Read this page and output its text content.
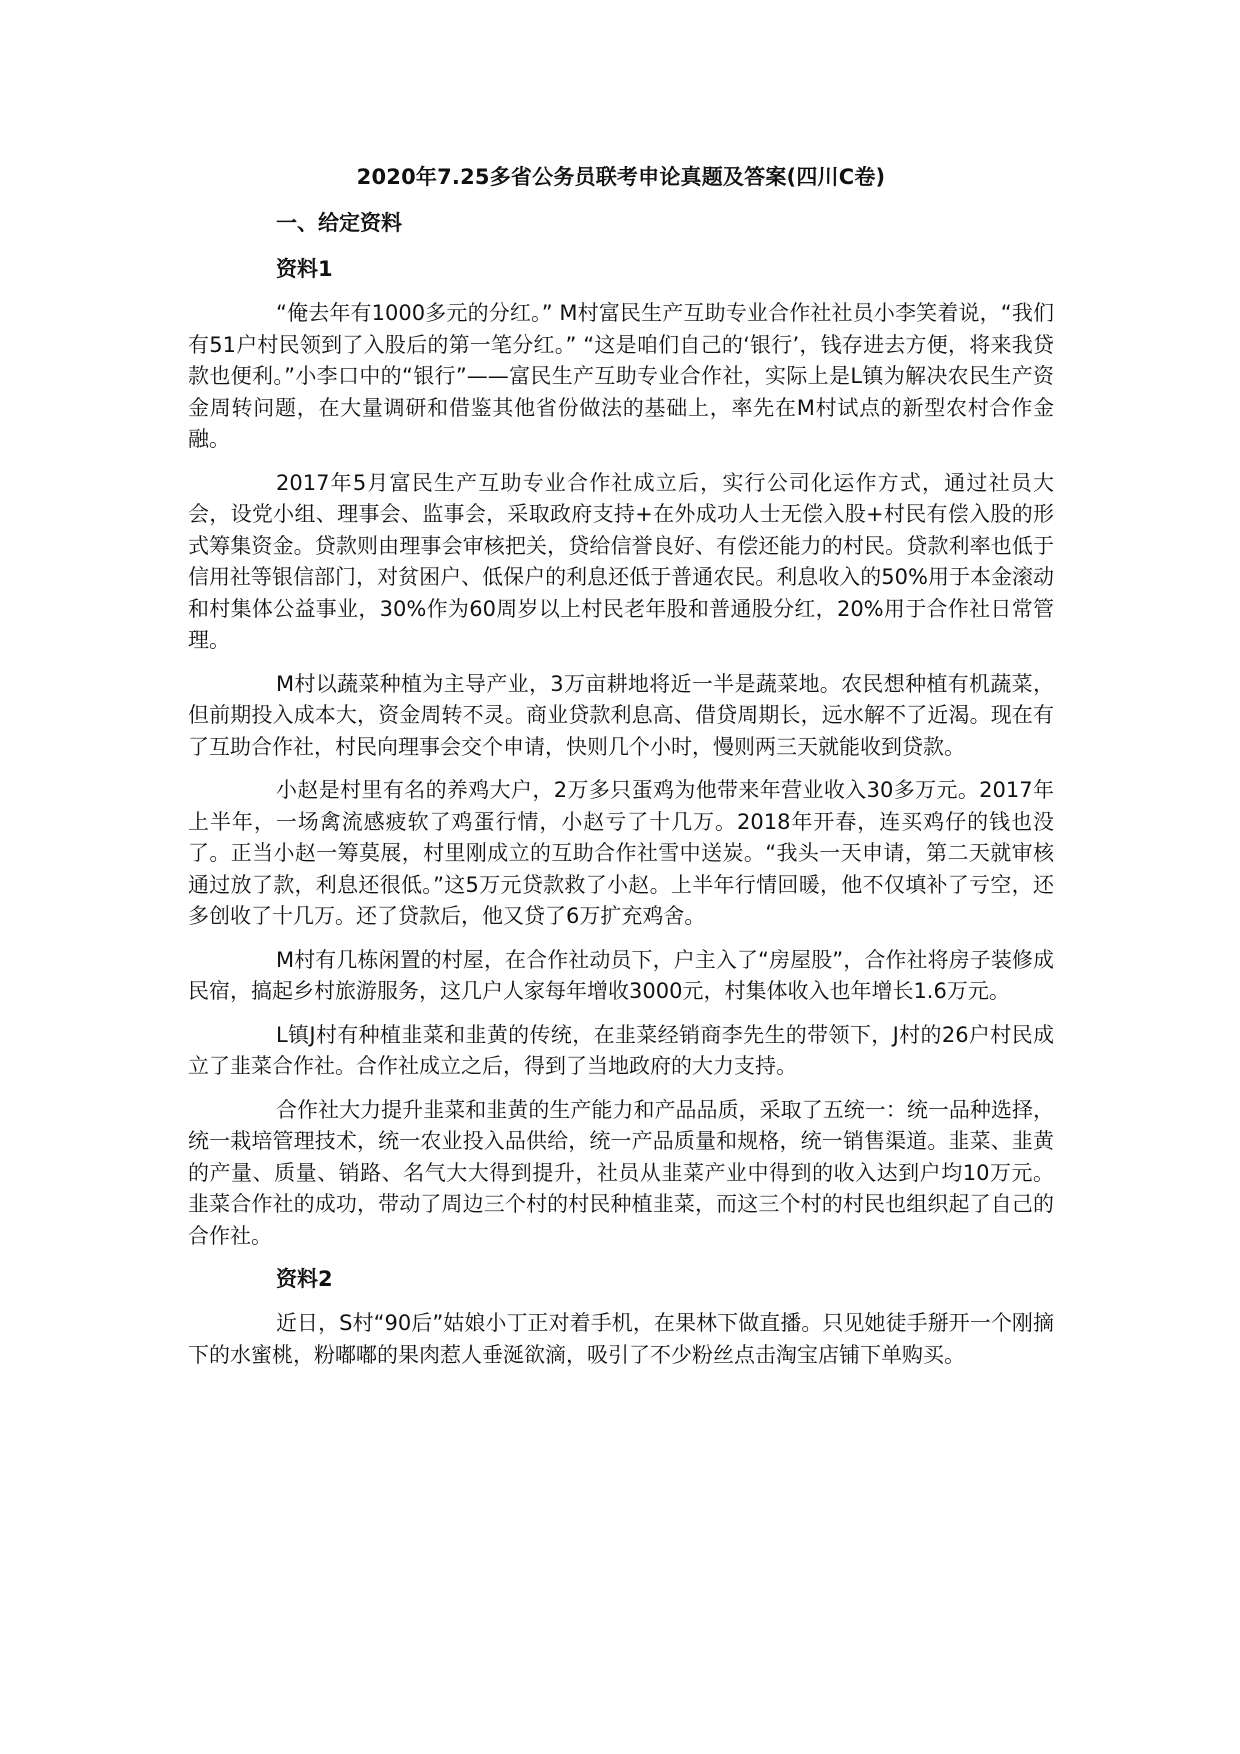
2020年7.25多省公务员联考申论真题及答案(四川C卷)
一、给定资料
资料1

“俺去年有1000多元的分红。” M村富民生产互助专业合作社社员小李笑着说，“我们有51户村民领到了入股后的第一笔分红。” “这是咱们自己的‘银行’，钱存进去方便，将来我贷款也便利。”小李口中的“银行”——富民生产互助专业合作社，实际上是L镇为解决农民生产资金周转问题，在大量调研和借鉴其他省份做法的基础上，率先在M村试点的新型农村合作金融。

2017年5月富民生产互助专业合作社成立后，实行公司化运作方式，通过社员大会，设党小组、理事会、监事会，采取政府支持+在外成功人士无偿入股+村民有偿入股的形式筹集资金。贷款则由理事会审核把关，贷给信誉良好、有偿还能力的村民。贷款利率也低于信用社等银信部门，对贫困户、低保户的利息还低于普通农民。利息收入的50%用于本金滚动和村集体公益事业，30%作为60周岁以上村民老年股和普通股分红，20%用于合作社日常管理。

M村以蔬菜种植为主导产业，3万亩耕地将近一半是蔬菜地。农民想种植有机蔬菜，但前期投入成本大，资金周转不灵。商业贷款利息高、借贷周期长，远水解不了近渴。现在有了互助合作社，村民向理事会交个申请，快则几个小时，慢则两三天就能收到贷款。

小赵是村里有名的养鸡大户，2万多只蛋鸡为他带来年营业收入30多万元。2017年上半年，一场禽流感疲软了鸡蛋行情，小赵亏了十几万。2018年开春，连买鸡仔的钱也没了。正当小赵一筹莫展，村里刚成立的互助合作社雪中送炭。“我头一天申请，第二天就审核通过放了款，利息还很低。”这5万元贷款救了小赵。上半年行情回暖，他不仅填补了亏空，还多创收了十几万。还了贷款后，他又贷了6万扩充鸡舍。

M村有几栋闲置的村屋，在合作社动员下，户主入了“房屋股”，合作社将房子装修成民宿，搞起乡村旅游服务，这几户人家每年增收3000元，村集体收入也年增长1.6万元。

L镇J村有种植韭菜和韭黄的传统，在韭菜经销商李先生的带领下，J村的26户村民成立了韭菜合作社。合作社成立之后，得到了当地政府的大力支持。

合作社大力提升韭菜和韭黄的生产能力和产品品质，采取了五统一：统一品种选择，统一栽培管理技术，统一农业投入品供给，统一产品质量和规格，统一销售渠道。韭菜、韭黄的产量、质量、销路、名气大大得到提升，社员从韭菜产业中得到的收入达到户均10万元。韭菜合作社的成功，带动了周边三个村的村民种植韭菜，而这三个村的村民也组织起了自己的合作社。

资料2

近日，S村“90后”姑娘小丁正对着手机，在果林下做直播。只见她徒手掰开一个刚摘下的水蜜桃，粉嘟嘟的果肉惹人垂涎欲滴，吸引了不少粉丝点击淘宝店铺下单购买。
